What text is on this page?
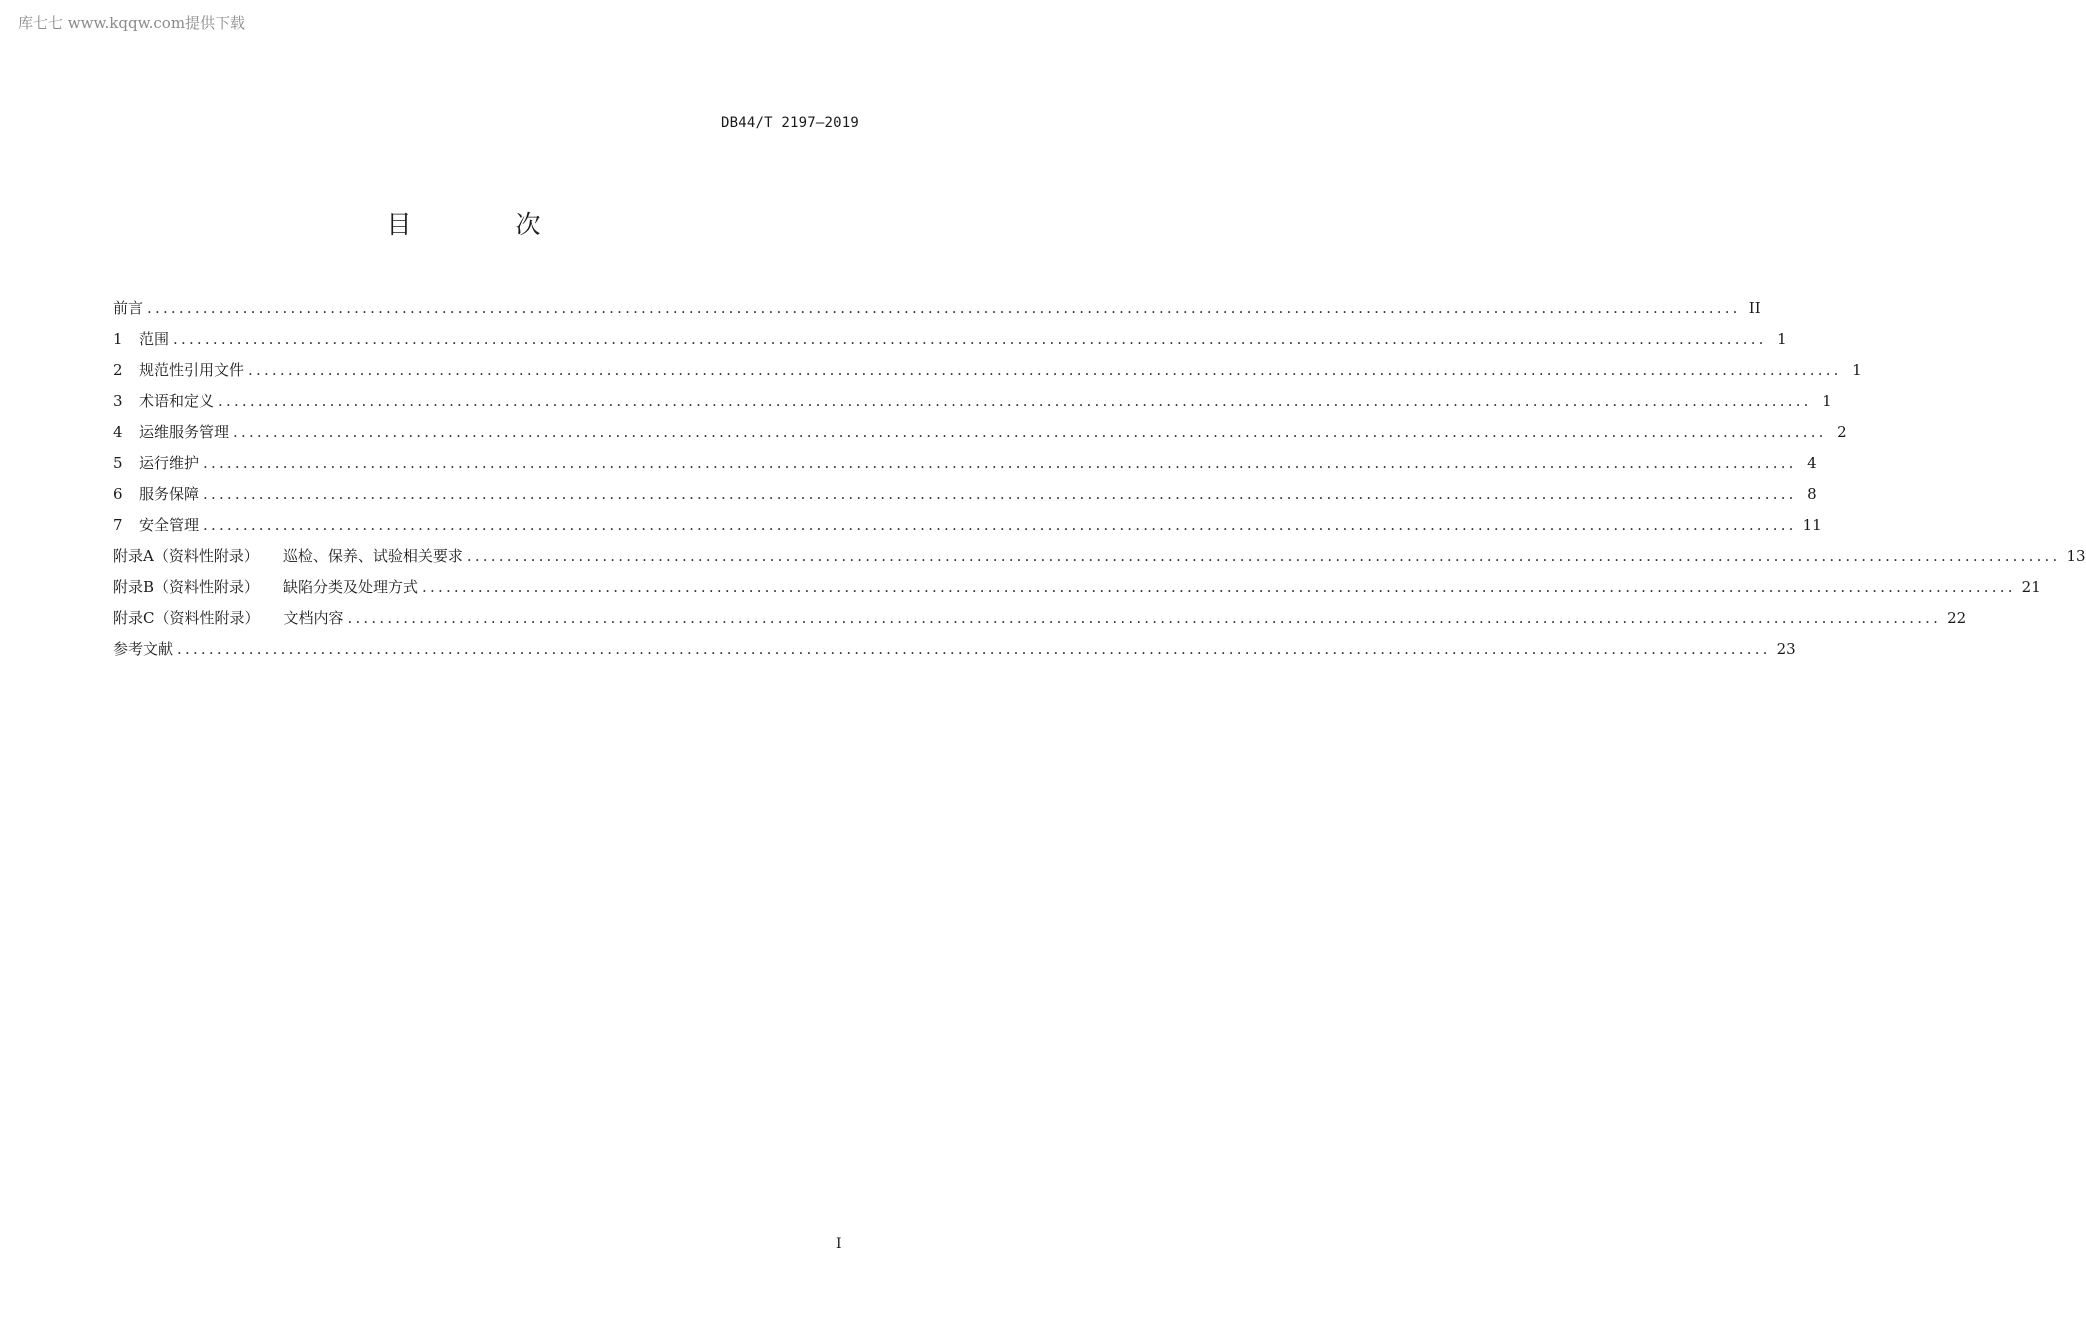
库七七 www.kqqw.com提供下载
DB44/T 2197—2019
目 次
前言 ........................................................................................................................................................................................................ II
1	范围 ........................................................................................................................................................................................................ 1
2	规范性引用文件 ........................................................................................................................................................................................................ 1
3	术语和定义 ........................................................................................................................................................................................................ 1
4	运维服务管理 ........................................................................................................................................................................................................ 2
5	运行维护 ........................................................................................................................................................................................................ 4
6	服务保障 ........................................................................................................................................................................................................ 8
7	安全管理 ........................................................................................................................................................................................................ 11
附录A（资料性附录） 巡检、保养、试验相关要求 ........................................................................................................................................................................................................ 13
附录B（资料性附录） 缺陷分类及处理方式 ........................................................................................................................................................................................................ 21
附录C（资料性附录） 文档内容 ........................................................................................................................................................................................................ 22
参考文献 ........................................................................................................................................................................................................ 23
I
